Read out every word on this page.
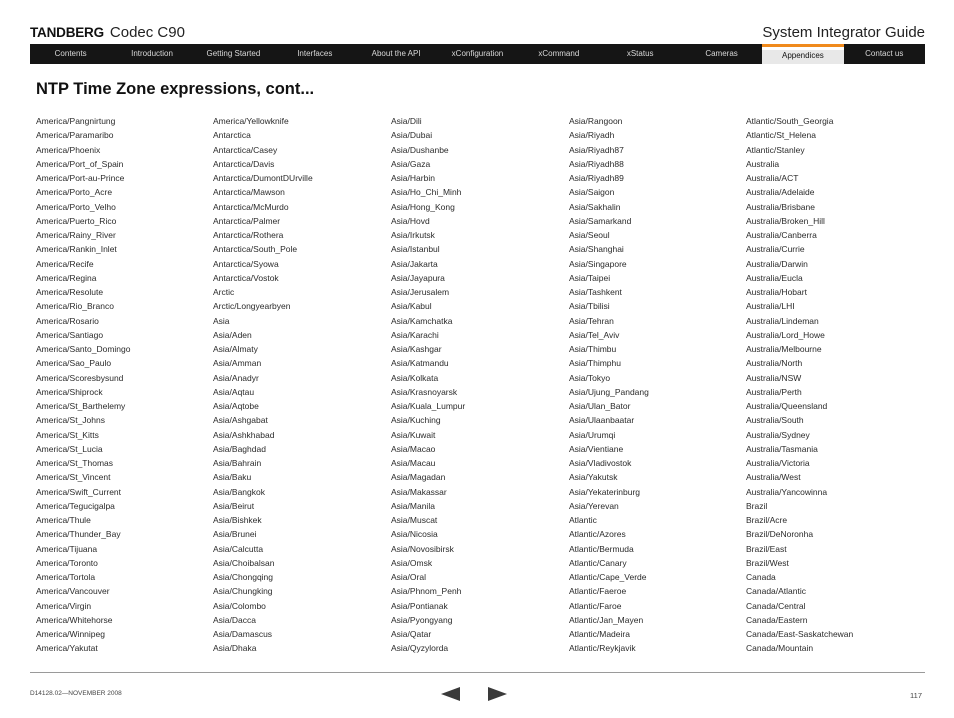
TANDBERG Codec C90	System Integrator Guide
Contents	Introduction	Getting Started	Interfaces	About the API	xConfiguration	xCommand	xStatus	Cameras	Appendices	Contact us
NTP Time Zone expressions, cont...
America/Pangnirtung
America/Paramaribo
America/Phoenix
America/Port_of_Spain
America/Port-au-Prince
America/Porto_Acre
America/Porto_Velho
America/Puerto_Rico
America/Rainy_River
America/Rankin_Inlet
America/Recife
America/Regina
America/Resolute
America/Rio_Branco
America/Rosario
America/Santiago
America/Santo_Domingo
America/Sao_Paulo
America/Scoresbysund
America/Shiprock
America/St_Barthelemy
America/St_Johns
America/St_Kitts
America/St_Lucia
America/St_Thomas
America/St_Vincent
America/Swift_Current
America/Tegucigalpa
America/Thule
America/Thunder_Bay
America/Tijuana
America/Toronto
America/Tortola
America/Vancouver
America/Virgin
America/Whitehorse
America/Winnipeg
America/Yakutat
America/Yellowknife
Antarctica
Antarctica/Casey
Antarctica/Davis
Antarctica/DumontDUrville
Antarctica/Mawson
Antarctica/McMurdo
Antarctica/Palmer
Antarctica/Rothera
Antarctica/South_Pole
Antarctica/Syowa
Antarctica/Vostok
Arctic
Arctic/Longyearbyen
Asia
Asia/Aden
Asia/Almaty
Asia/Amman
Asia/Anadyr
Asia/Aqtau
Asia/Aqtobe
Asia/Ashgabat
Asia/Ashkhabad
Asia/Baghdad
Asia/Bahrain
Asia/Baku
Asia/Bangkok
Asia/Beirut
Asia/Bishkek
Asia/Brunei
Asia/Calcutta
Asia/Choibalsan
Asia/Chongqing
Asia/Chungking
Asia/Colombo
Asia/Dacca
Asia/Damascus
Asia/Dhaka
Asia/Dili
Asia/Dubai
Asia/Dushanbe
Asia/Gaza
Asia/Harbin
Asia/Ho_Chi_Minh
Asia/Hong_Kong
Asia/Hovd
Asia/Irkutsk
Asia/Istanbul
Asia/Jakarta
Asia/Jayapura
Asia/Jerusalem
Asia/Kabul
Asia/Kamchatka
Asia/Karachi
Asia/Kashgar
Asia/Katmandu
Asia/Kolkata
Asia/Krasnoyarsk
Asia/Kuala_Lumpur
Asia/Kuching
Asia/Kuwait
Asia/Macao
Asia/Macau
Asia/Magadan
Asia/Makassar
Asia/Manila
Asia/Muscat
Asia/Nicosia
Asia/Novosibirsk
Asia/Omsk
Asia/Oral
Asia/Phnom_Penh
Asia/Pontianak
Asia/Pyongyang
Asia/Qatar
Asia/Qyzylorda
Asia/Rangoon
Asia/Riyadh
Asia/Riyadh87
Asia/Riyadh88
Asia/Riyadh89
Asia/Saigon
Asia/Sakhalin
Asia/Samarkand
Asia/Seoul
Asia/Shanghai
Asia/Singapore
Asia/Taipei
Asia/Tashkent
Asia/Tbilisi
Asia/Tehran
Asia/Tel_Aviv
Asia/Thimbu
Asia/Thimphu
Asia/Tokyo
Asia/Ujung_Pandang
Asia/Ulan_Bator
Asia/Ulaanbaatar
Asia/Urumqi
Asia/Vientiane
Asia/Vladivostok
Asia/Yakutsk
Asia/Yekaterinburg
Asia/Yerevan
Atlantic
Atlantic/Azores
Atlantic/Bermuda
Atlantic/Canary
Atlantic/Cape_Verde
Atlantic/Faeroe
Atlantic/Faroe
Atlantic/Jan_Mayen
Atlantic/Madeira
Atlantic/Reykjavik
Atlantic/South_Georgia
Atlantic/St_Helena
Atlantic/Stanley
Australia
Australia/ACT
Australia/Adelaide
Australia/Brisbane
Australia/Broken_Hill
Australia/Canberra
Australia/Currie
Australia/Darwin
Australia/Eucla
Australia/Hobart
Australia/LHI
Australia/Lindeman
Australia/Lord_Howe
Australia/Melbourne
Australia/North
Australia/NSW
Australia/Perth
Australia/Queensland
Australia/South
Australia/Sydney
Australia/Tasmania
Australia/Victoria
Australia/West
Australia/Yancowinna
Brazil
Brazil/Acre
Brazil/DeNoronha
Brazil/East
Brazil/West
Canada
Canada/Atlantic
Canada/Central
Canada/Eastern
Canada/East-Saskatchewan
Canada/Mountain
D14128.02—NOVEMBER 2008	117
